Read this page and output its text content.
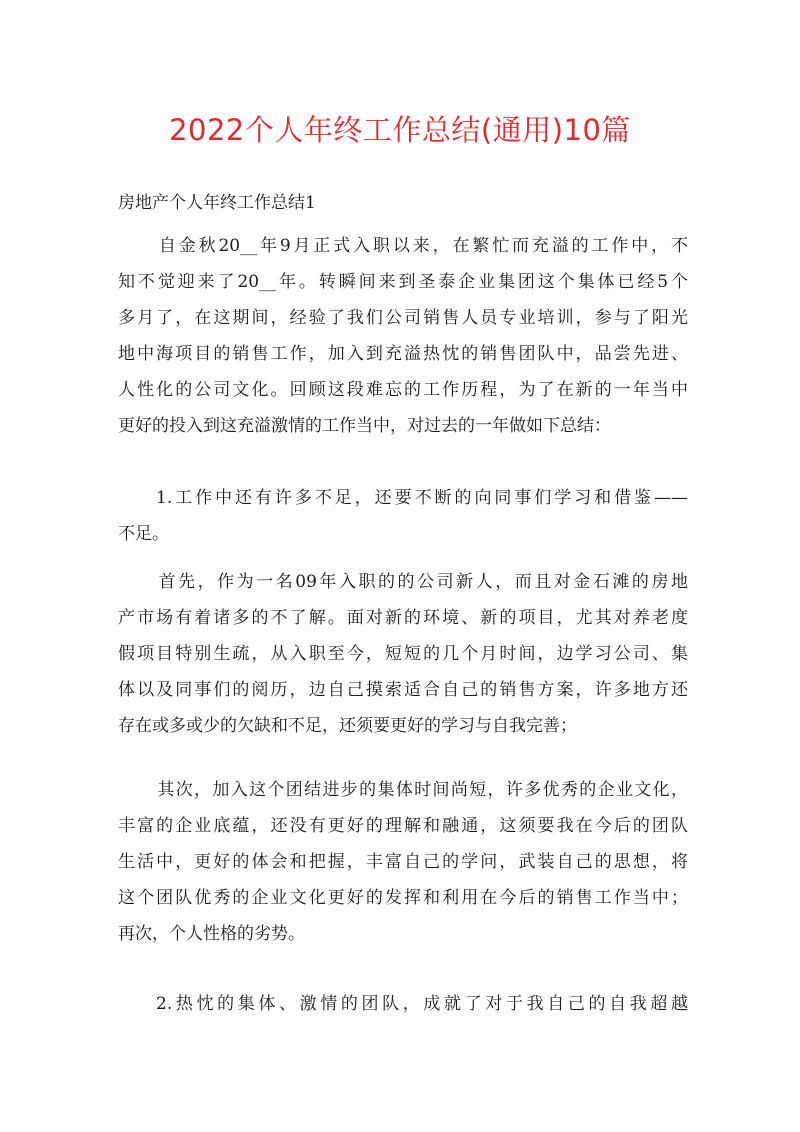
2022个人年终工作总结(通用)10篇
房地产个人年终工作总结1

自金秋20__年9月正式入职以来，在繁忙而充溢的工作中，不
知不觉迎来了20__年。转瞬间来到圣泰企业集团这个集体已经5个
多月了，在这期间，经验了我们公司销售人员专业培训，参与了阳光
地中海项目的销售工作，加入到充溢热忱的销售团队中，品尝先进、
人性化的公司文化。回顾这段难忘的工作历程，为了在新的一年当中
更好的投入到这充溢激情的工作当中，对过去的一年做如下总结：

1.工作中还有许多不足，还要不断的向同事们学习和借鉴——
不足。

首先，作为一名09年入职的的公司新人，而且对金石滩的房地
产市场有着诸多的不了解。面对新的环境、新的项目，尤其对养老度
假项目特别生疏，从入职至今，短短的几个月时间，边学习公司、集
体以及同事们的阅历，边自己摸索适合自己的销售方案，许多地方还
存在或多或少的欠缺和不足，还须要更好的学习与自我完善；

其次，加入这个团结进步的集体时间尚短，许多优秀的企业文化，
丰富的企业底蕴，还没有更好的理解和融通，这须要我在今后的团队
生活中，更好的体会和把握，丰富自己的学问，武装自己的思想，将
这个团队优秀的企业文化更好的发挥和利用在今后的销售工作当中；
再次，个人性格的劣势。

2.热忱的集体、激情的团队，成就了对于我自己的自我超越
